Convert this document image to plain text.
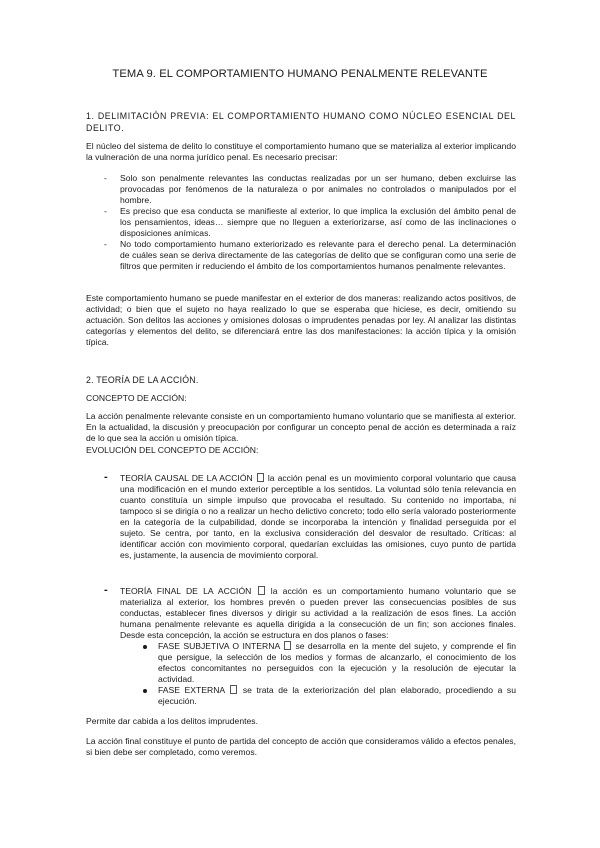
TEMA 9. EL COMPORTAMIENTO HUMANO PENALMENTE RELEVANTE
1. DELIMITACIÓN PREVIA: EL COMPORTAMIENTO HUMANO COMO NÚCLEO ESENCIAL DEL DELITO.
El núcleo del sistema de delito lo constituye el comportamiento humano que se materializa al exterior implicando la vulneración de una norma jurídico penal. Es necesario precisar:
- Solo son penalmente relevantes las conductas realizadas por un ser humano, deben excluirse las provocadas por fenómenos de la naturaleza o por animales no controlados o manipulados por el hombre.
- Es preciso que esa conducta se manifieste al exterior, lo que implica la exclusión del ámbito penal de los pensamientos, ideas… siempre que no lleguen a exteriorizarse, así como de las inclinaciones o disposiciones anímicas.
- No todo comportamiento humano exteriorizado es relevante para el derecho penal. La determinación de cuáles sean se deriva directamente de las categorías de delito que se configuran como una serie de filtros que permiten ir reduciendo el ámbito de los comportamientos humanos penalmente relevantes.
Este comportamiento humano se puede manifestar en el exterior de dos maneras: realizando actos positivos, de actividad; o bien que el sujeto no haya realizado lo que se esperaba que hiciese, es decir, omitiendo su actuación. Son delitos las acciones y omisiones dolosas o imprudentes penadas por ley. Al analizar las distintas categorías y elementos del delito, se diferenciará entre las dos manifestaciones: la acción típica y la omisión típica.
2. TEORÍA DE LA ACCIÓN.
CONCEPTO DE ACCIÓN:
La acción penalmente relevante consiste en un comportamiento humano voluntario que se manifiesta al exterior. En la actualidad, la discusión y preocupación por configurar un concepto penal de acción es determinada a raíz de lo que sea la acción u omisión típica.
EVOLUCIÓN DEL CONCEPTO DE ACCIÓN:
- TEORÍA CAUSAL DE LA ACCIÓN la acción penal es un movimiento corporal voluntario que causa una modificación en el mundo exterior perceptible a los sentidos. La voluntad sólo tenía relevancia en cuanto constituía un simple impulso que provocaba el resultado. Su contenido no importaba, ni tampoco si se dirigía o no a realizar un hecho delictivo concreto; todo ello sería valorado posteriormente en la categoría de la culpabilidad, donde se incorporaba la intención y finalidad perseguida por el sujeto. Se centra, por tanto, en la exclusiva consideración del desvalor de resultado. Críticas: al identificar acción con movimiento corporal, quedarían excluidas las omisiones, cuyo punto de partida es, justamente, la ausencia de movimiento corporal.
- TEORÍA FINAL DE LA ACCIÓN la acción es un comportamiento humano voluntario que se materializa al exterior, los hombres prevén o pueden prever las consecuencias posibles de sus conductas, establecer fines diversos y dirigir su actividad a la realización de esos fines. La acción humana penalmente relevante es aquella dirigida a la consecución de un fin; son acciones finales. Desde esta concepción, la acción se estructura en dos planos o fases:
FASE SUBJETIVA O INTERNA se desarrolla en la mente del sujeto, y comprende el fin que persigue, la selección de los medios y formas de alcanzarlo, el conocimiento de los efectos concomitantes no perseguidos con la ejecución y la resolución de ejecutar la actividad.
FASE EXTERNA se trata de la exteriorización del plan elaborado, procediendo a su ejecución.
Permite dar cabida a los delitos imprudentes.
La acción final constituye el punto de partida del concepto de acción que consideramos válido a efectos penales, si bien debe ser completado, como veremos.
